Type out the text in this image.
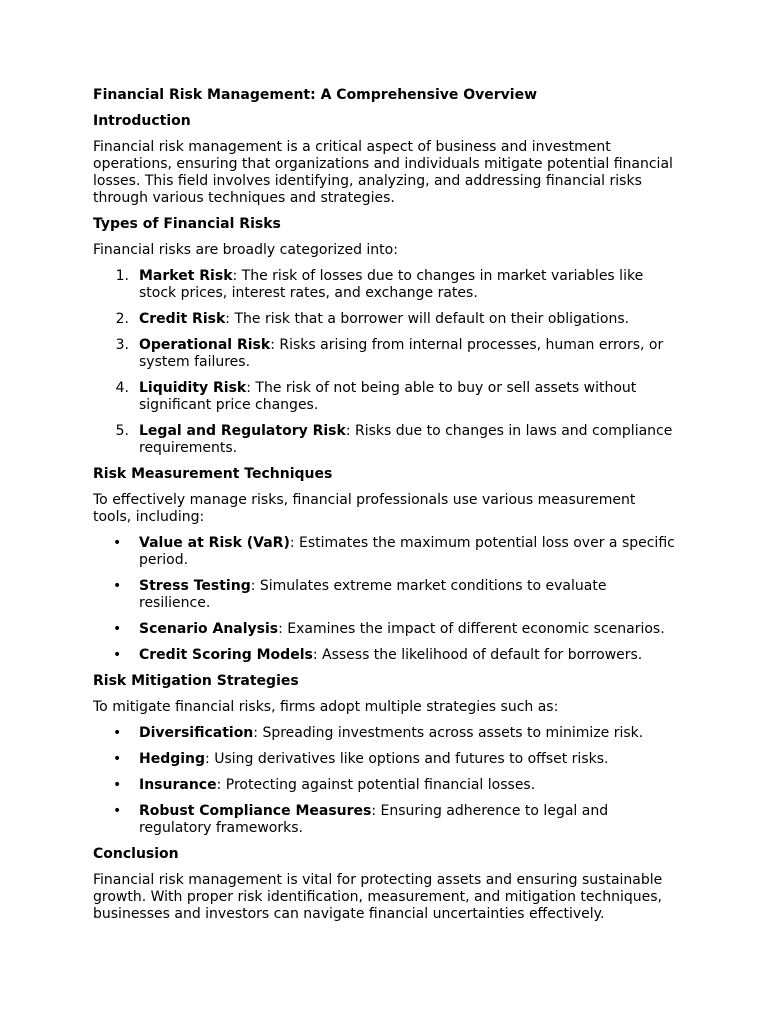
Financial Risk Management: A Comprehensive Overview
Introduction

Financial risk management is a critical aspect of business and investment operations, ensuring that organizations and individuals mitigate potential financial losses. This field involves identifying, analyzing, and addressing financial risks through various techniques and strategies.

Types of Financial Risks

Financial risks are broadly categorized into:

1. Market Risk: The risk of losses due to changes in market variables like stock prices, interest rates, and exchange rates.
2. Credit Risk: The risk that a borrower will default on their obligations.
3. Operational Risk: Risks arising from internal processes, human errors, or system failures.
4. Liquidity Risk: The risk of not being able to buy or sell assets without significant price changes.
5. Legal and Regulatory Risk: Risks due to changes in laws and compliance requirements.
Risk Measurement Techniques

To effectively manage risks, financial professionals use various measurement tools, including:

• Value at Risk (VaR): Estimates the maximum potential loss over a specific period.
• Stress Testing: Simulates extreme market conditions to evaluate resilience.
• Scenario Analysis: Examines the impact of different economic scenarios.
• Credit Scoring Models: Assess the likelihood of default for borrowers.
Risk Mitigation Strategies

To mitigate financial risks, firms adopt multiple strategies such as:

• Diversification: Spreading investments across assets to minimize risk.
• Hedging: Using derivatives like options and futures to offset risks.
• Insurance: Protecting against potential financial losses.
• Robust Compliance Measures: Ensuring adherence to legal and regulatory frameworks.
Conclusion

Financial risk management is vital for protecting assets and ensuring sustainable growth. With proper risk identification, measurement, and mitigation techniques, businesses and investors can navigate financial uncertainties effectively.
